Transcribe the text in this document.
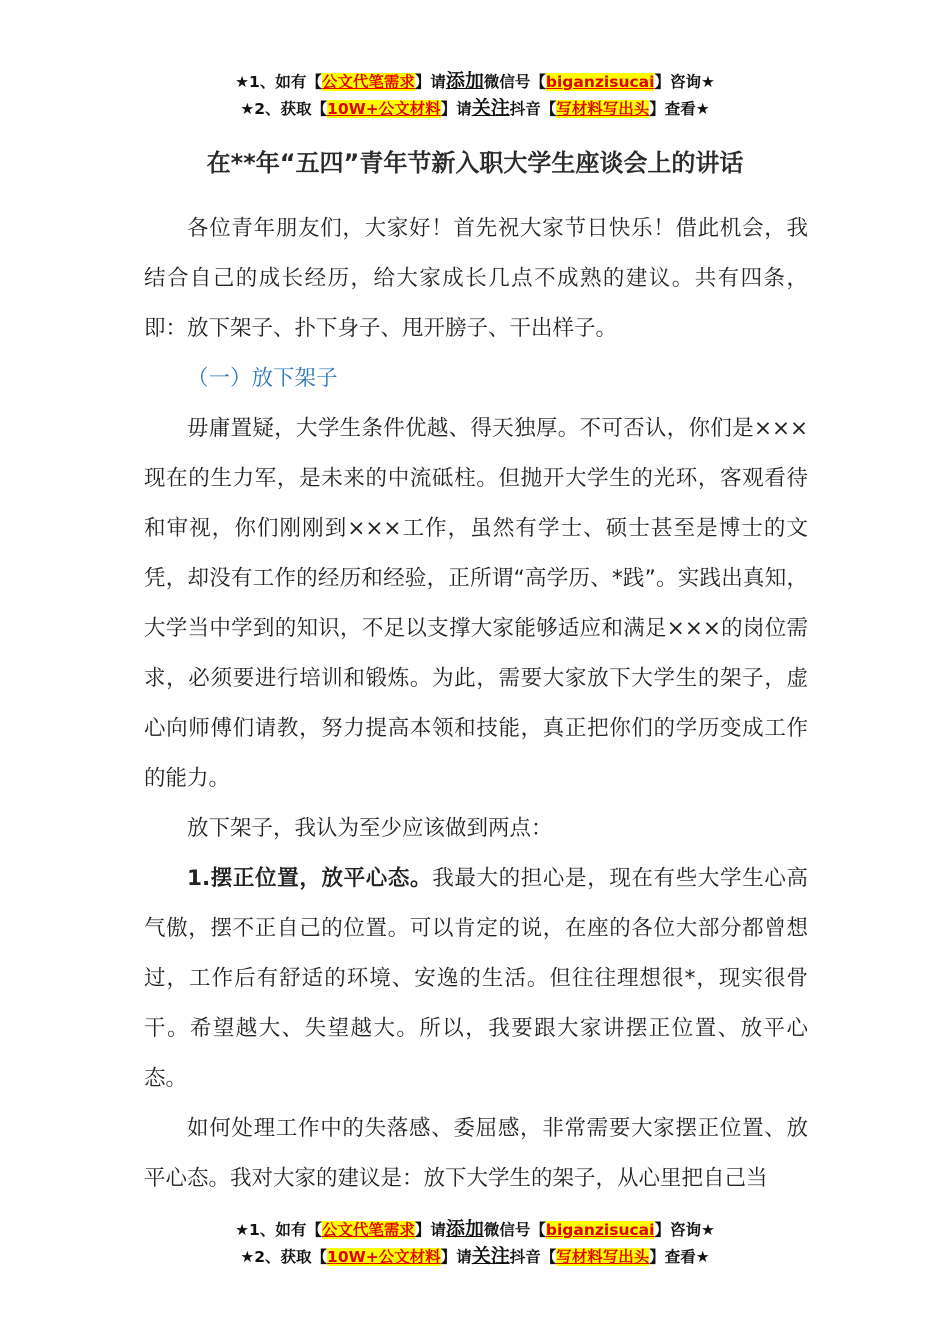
★1、如有【公文代笔需求】请添加微信号【biganzisucai】咨询★
★2、获取【10W+公文材料】请关注抖音【写材料写出头】查看★
在**年“五四”青年节新入职大学生座谈会上的讲话

各位青年朋友们，大家好！首先祝大家节日快乐！借此机会，我结合自己的成长经历，给大家成长几点不成熟的建议。共有四条，即：放下架子、扑下身子、甩开膀子、干出样子。

（一）放下架子

毋庸置疑，大学生条件优越、得天独厚。不可否认，你们是×××现在的生力军，是未来的中流砥柱。但抛开大学生的光环，客观看待和审视，你们刚刚到×××工作，虽然有学士、硕士甚至是博士的文凭，却没有工作的经历和经验，正所谓“高学历、*践”。实践出真知，大学当中学到的知识，不足以支撑大家能够适应和满足×××的岗位需求，必须要进行培训和锻炼。为此，需要大家放下大学生的架子，虚心向师傅们请教，努力提高本领和技能，真正把你们的学历变成工作的能力。

放下架子，我认为至少应该做到两点：

1.摆正位置，放平心态。我最大的担心是，现在有些大学生心高气傲，摆不正自己的位置。可以肯定的说，在座的各位大部分都曾想过，工作后有舒适的环境、安逸的生活。但往往理想很*，现实很骨干。希望越大、失望越大。所以，我要跟大家讲摆正位置、放平心态。

如何处理工作中的失落感、委屈感，非常需要大家摆正位置、放平心态。我对大家的建议是：放下大学生的架子，从心里把自己当

★1、如有【公文代笔需求】请添加微信号【biganzisucai】咨询★
★2、获取【10W+公文材料】请关注抖音【写材料写出头】查看★
